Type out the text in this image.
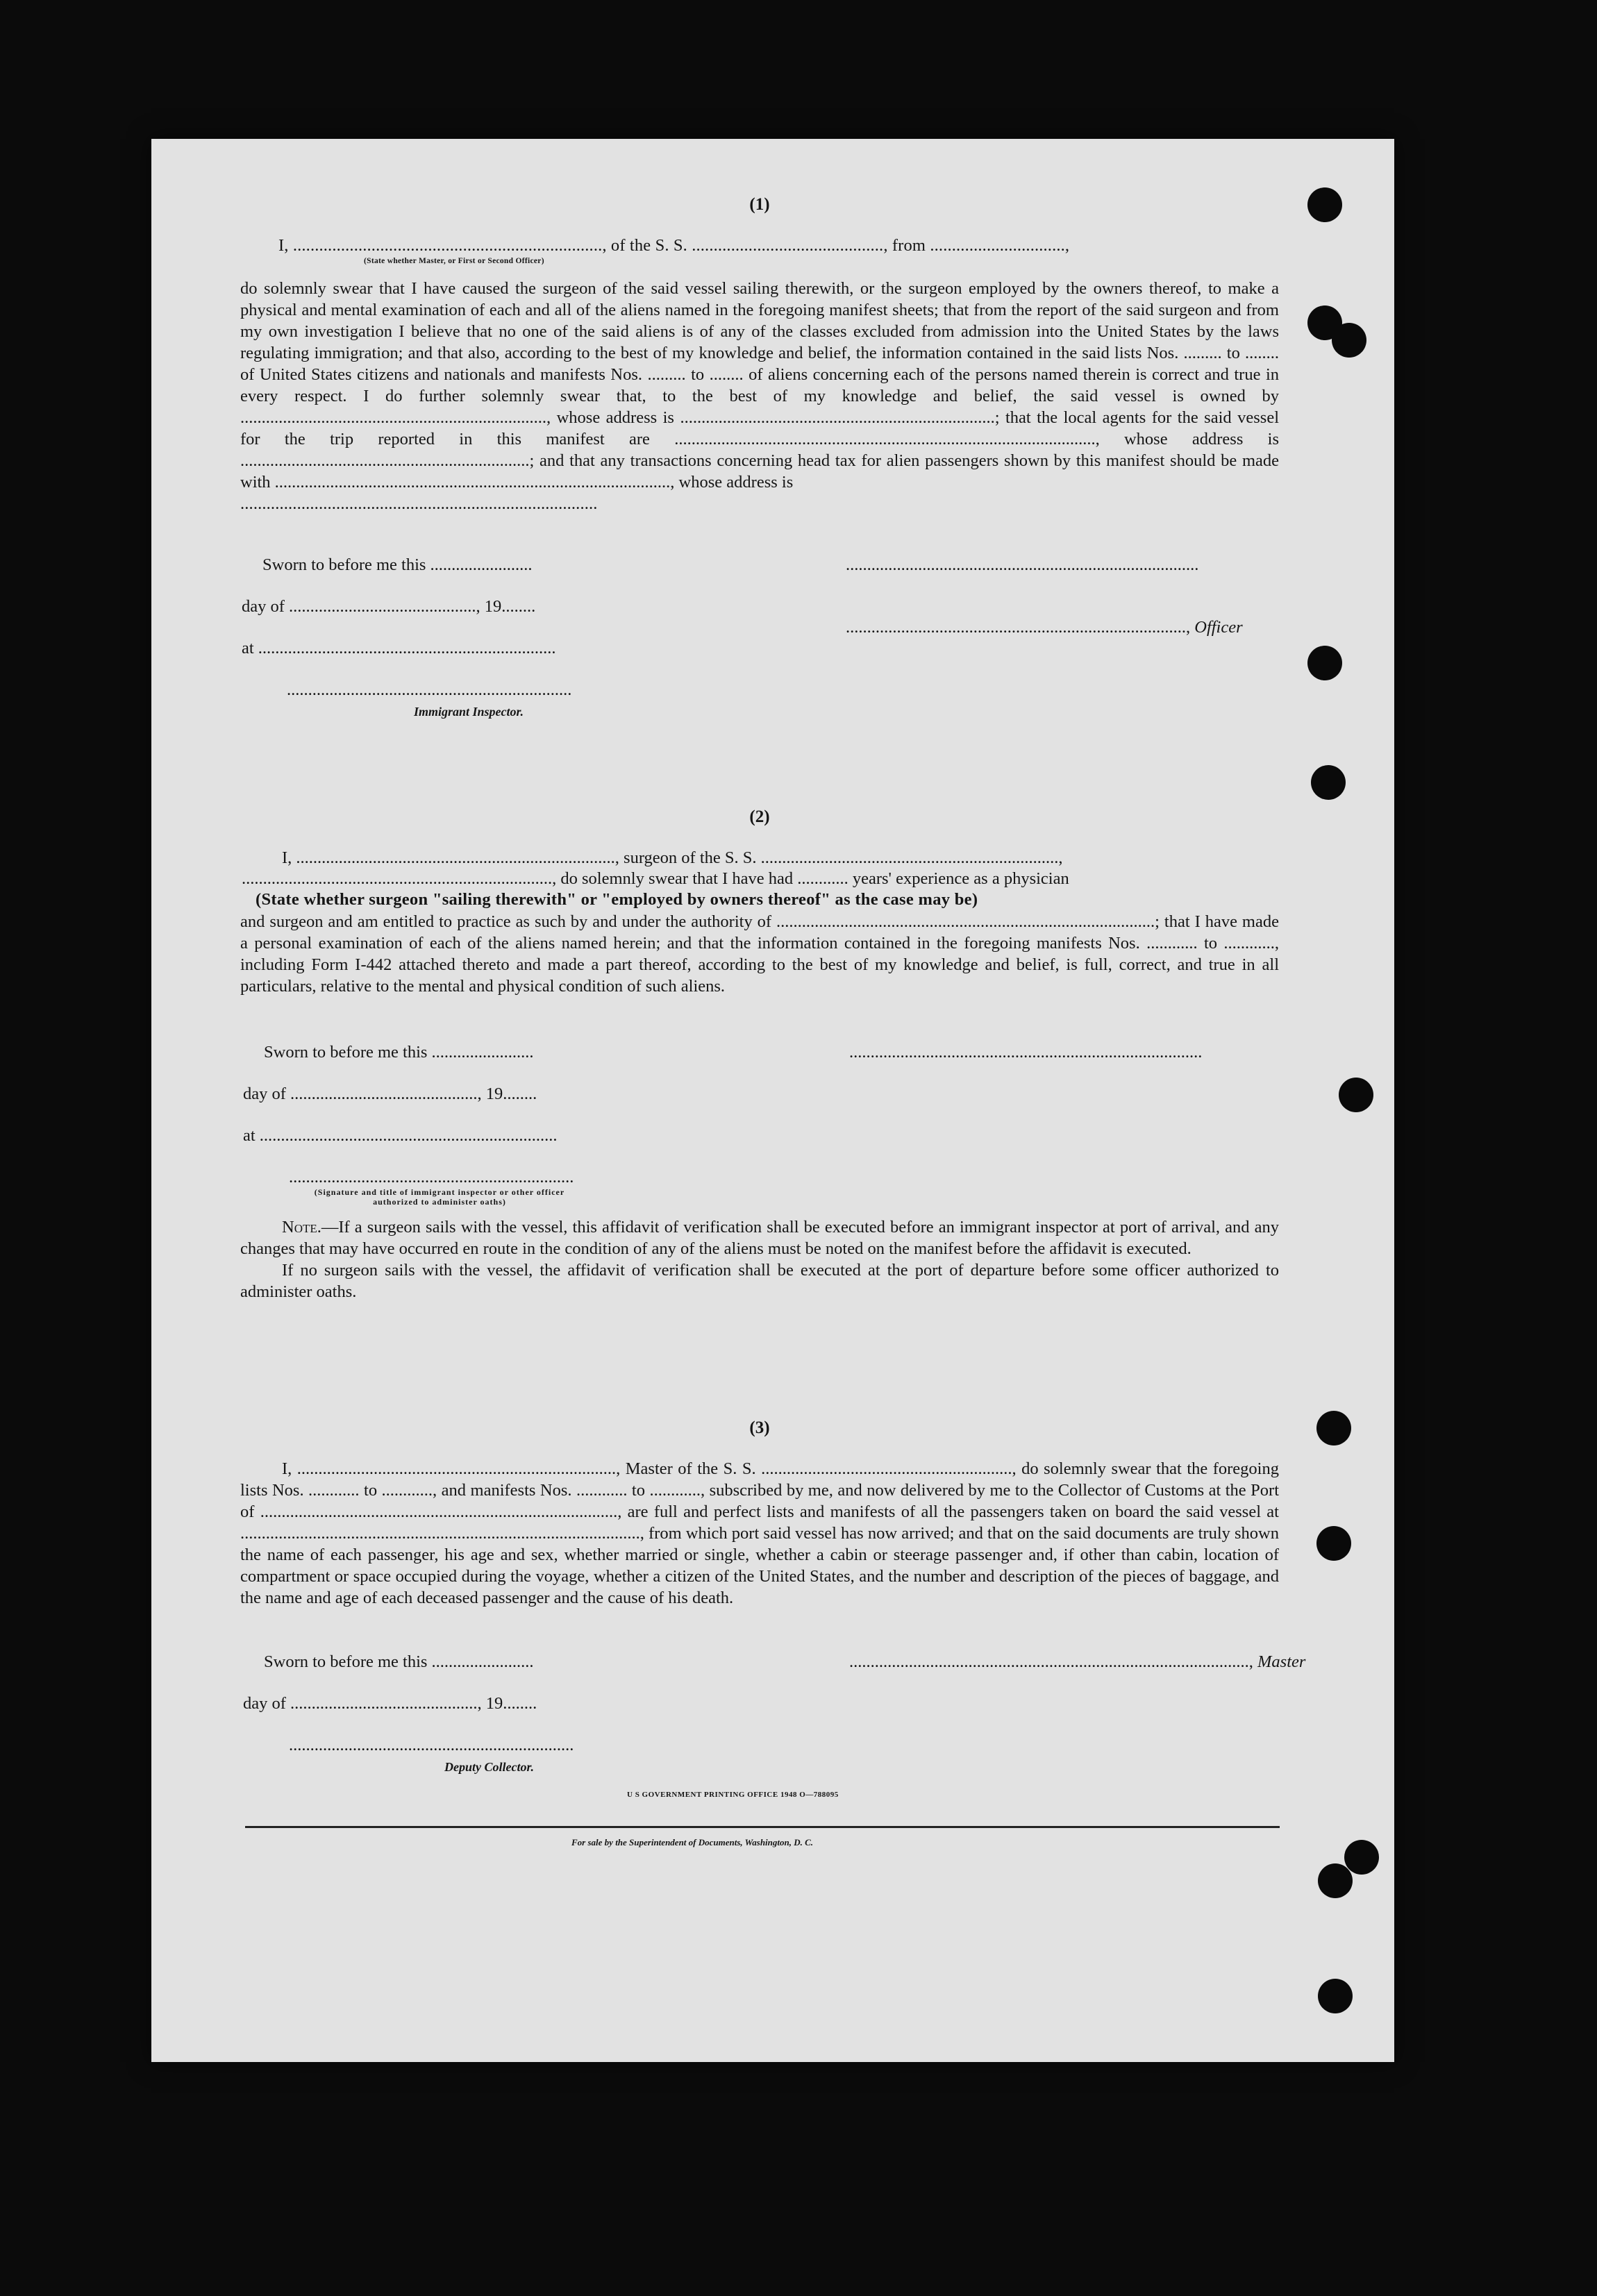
(1)
I, ......................................................................., of the S. S. ............................................, from ...............................,
(State whether Master, or First or Second Officer)

do solemnly swear that I have caused the surgeon of the said vessel sailing therewith, or the surgeon employed by the owners thereof, to make a physical and mental examination of each and all of the aliens named in the foregoing manifest sheets; that from the report of the said surgeon and from my own investigation I believe that no one of the said aliens is of any of the classes excluded from admission into the United States by the laws regulating immigration; and that also, according to the best of my knowledge and belief, the information contained in the said lists Nos. ......... to ........ of United States citizens and nationals and manifests Nos. ......... to ........ of aliens concerning each of the persons named therein is correct and true in every respect. I do further solemnly swear that, to the best of my knowledge and belief, the said vessel is owned by ........................................................................, whose address is ..........................................................................; that the local agents for the said vessel for the trip reported in this manifest are ..................................................................................................., whose address is ....................................................................; and that any transactions concerning head tax for alien passengers shown by this manifest should be made with ............................................................................................., whose address is

..................................................................................
Sworn to before me this ........................
day of ............................................, 19........
at ......................................................................
...................................................................................
................................................................................, Officer
...................................................................
Immigrant Inspector.
(2)
I, ..........................................................................., surgeon of the S. S. ......................................................................,
........................................................................., do solemnly swear that I have had ............ years' experience as a physician
(State whether surgeon "sailing therewith" or "employed by owners thereof" as the case may be)

and surgeon and am entitled to practice as such by and under the authority of .........................................................................................; that I have made a personal examination of each of the aliens named herein; and that the information contained in the foregoing manifests Nos. ............ to ............, including Form I-442 attached thereto and made a part thereof, according to the best of my knowledge and belief, is full, correct, and true in all particulars, relative to the mental and physical condition of such aliens.

Sworn to before me this ........................
day of ............................................, 19........
at ......................................................................
...................................................................................
...................................................................
(Signature and title of immigrant inspector or other officer authorized to administer oaths)

Note.—If a surgeon sails with the vessel, this affidavit of verification shall be executed before an immigrant inspector at port of arrival, and any changes that may have occurred en route in the condition of any of the aliens must be noted on the manifest before the affidavit is executed.

If no surgeon sails with the vessel, the affidavit of verification shall be executed at the port of departure before some officer authorized to administer oaths.

(3)

I, ..........................................................................., Master of the S. S. ..........................................................., do solemnly swear that the foregoing lists Nos. ............ to ............, and manifests Nos. ............ to ............, subscribed by me, and now delivered by me to the Collector of Customs at the Port of ...................................................................................., are full and perfect lists and manifests of all the passengers taken on board the said vessel at .............................................................................................., from which port said vessel has now arrived; and that on the said documents are truly shown the name of each passenger, his age and sex, whether married or single, whether a cabin or steerage passenger and, if other than cabin, location of compartment or space occupied during the voyage, whether a citizen of the United States, and the number and description of the pieces of baggage, and the name and age of each deceased passenger and the cause of his death.

Sworn to before me this ........................
day of ............................................, 19........
.............................................................................................., Master
...................................................................
Deputy Collector.
U S GOVERNMENT PRINTING OFFICE 1948 O—788095
For sale by the Superintendent of Documents, Washington, D. C.
